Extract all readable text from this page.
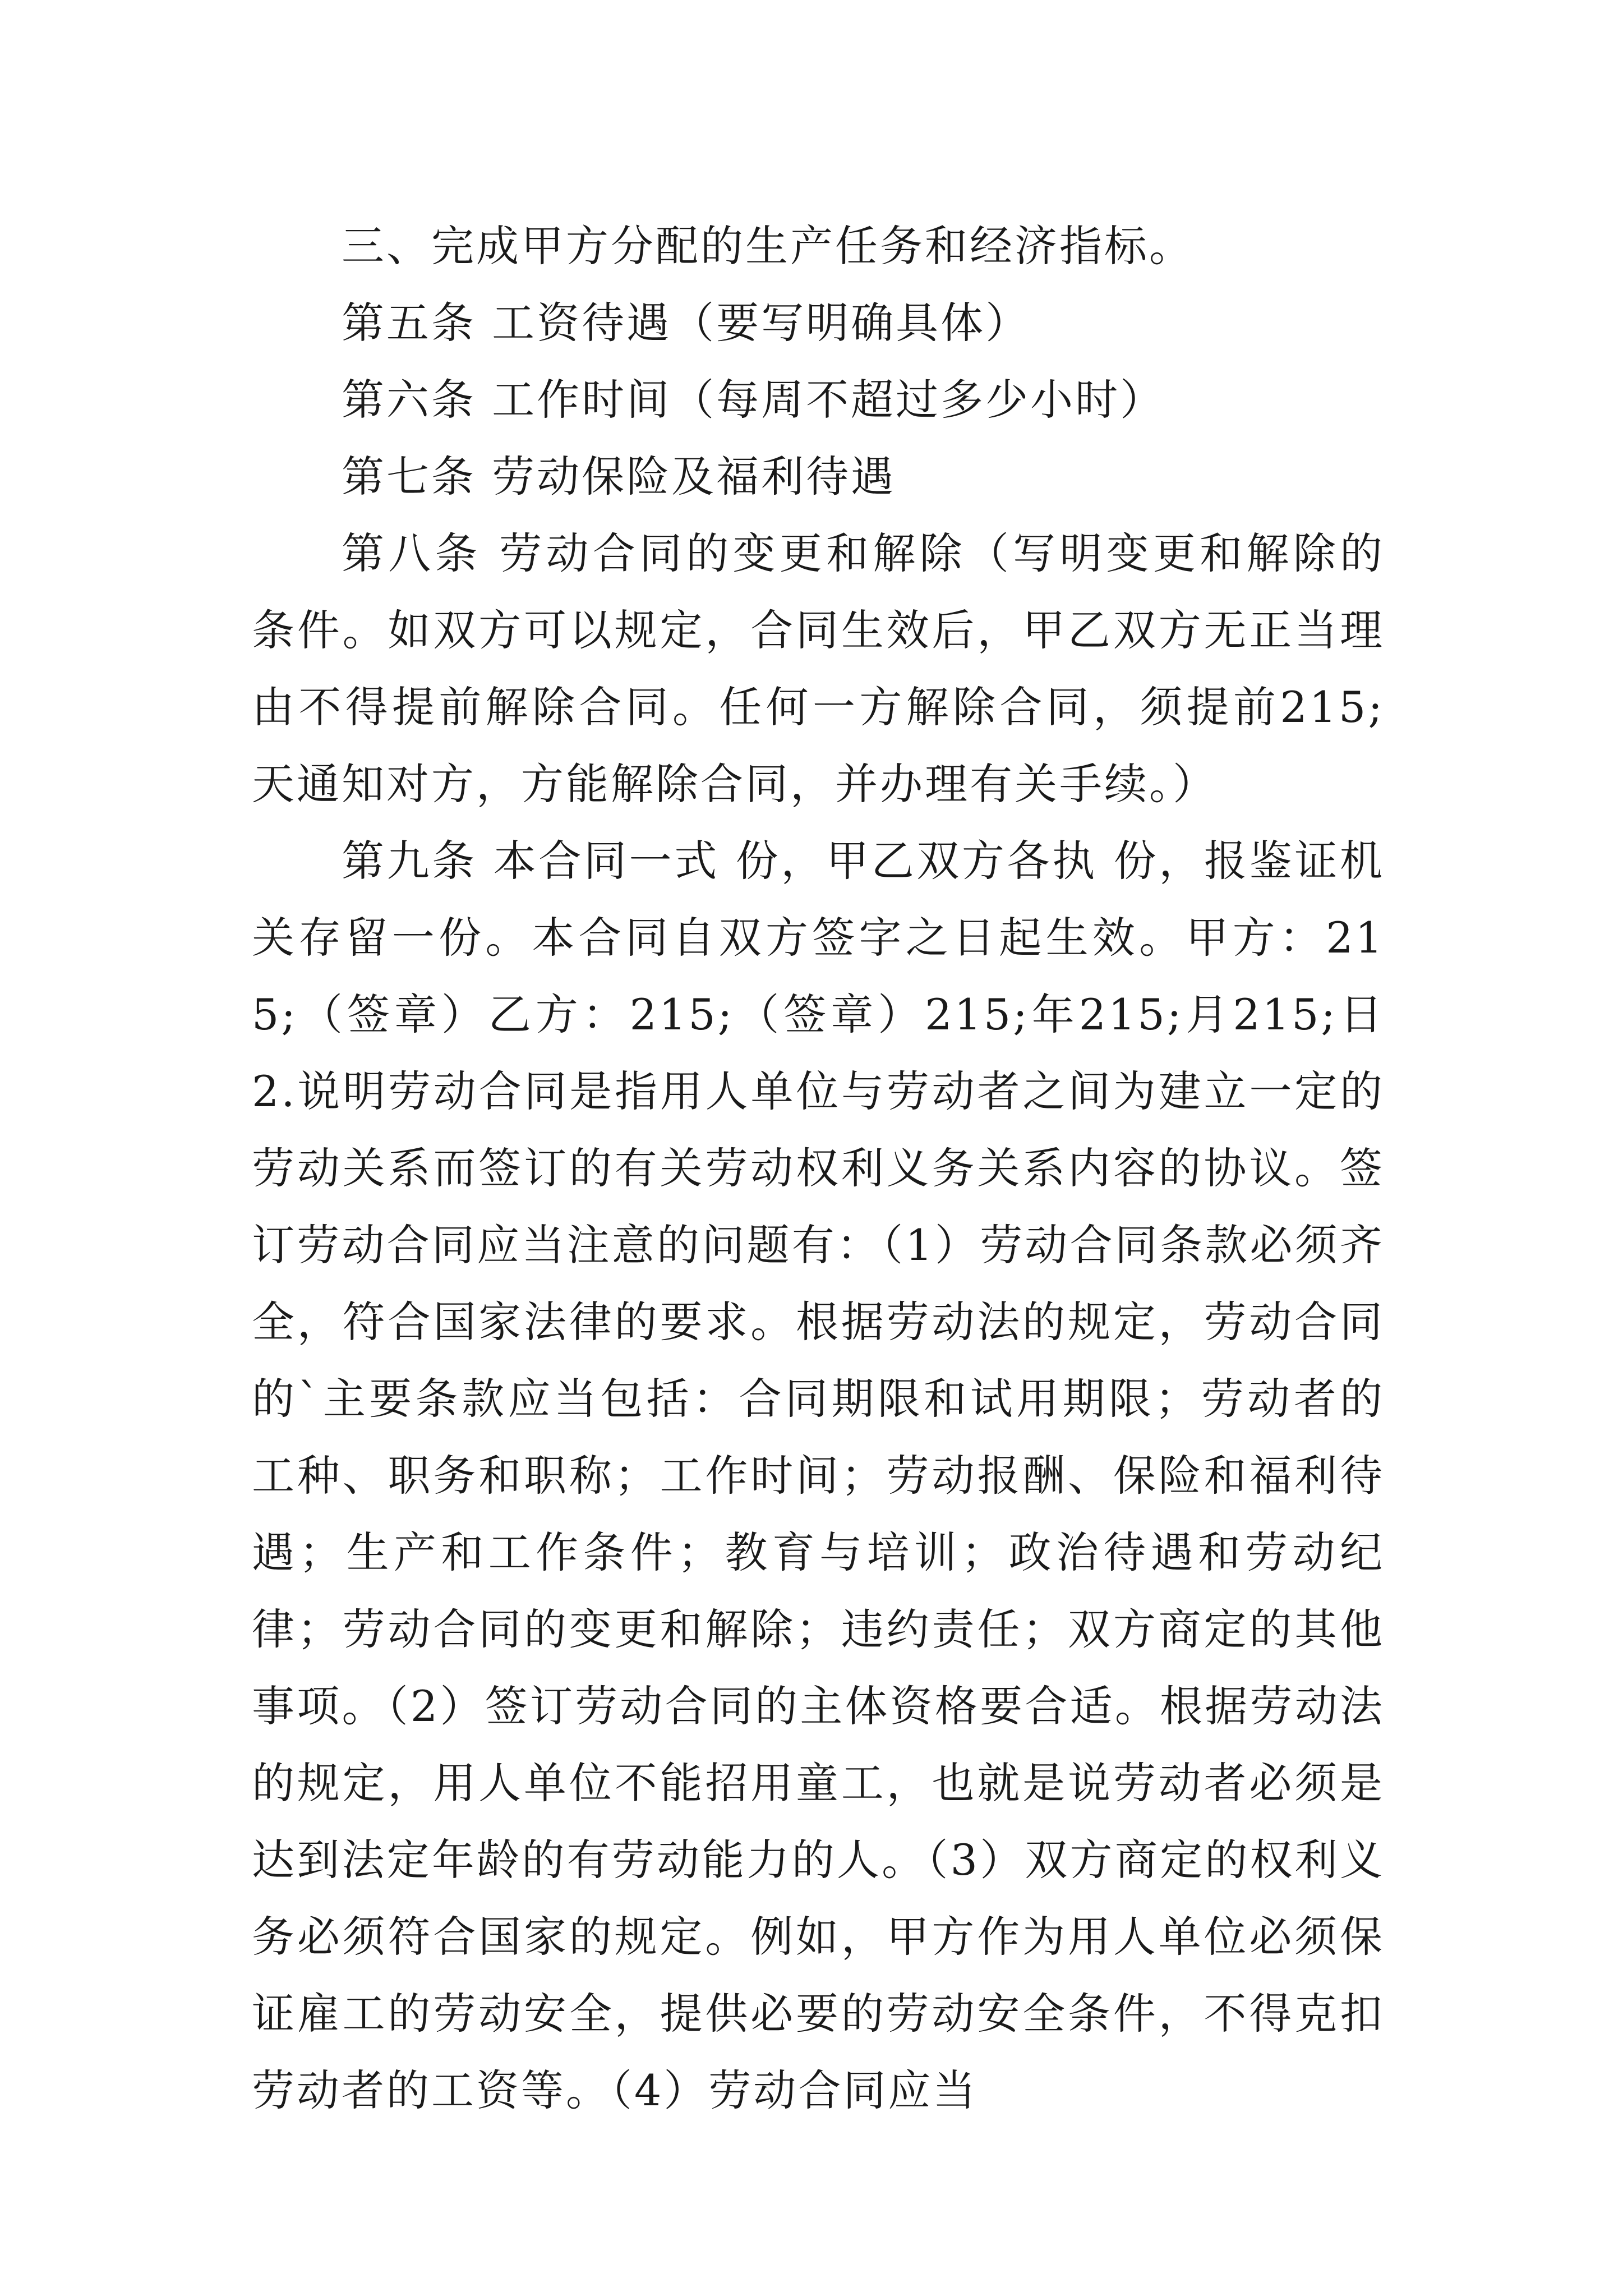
三、完成甲方分配的生产任务和经济指标。

第五条 工资待遇（要写明确具体）

第六条 工作时间（每周不超过多少小时）

第七条 劳动保险及福利待遇

第八条 劳动合同的变更和解除（写明变更和解除的条件。如双方可以规定，合同生效后，甲乙双方无正当理由不得提前解除合同。任何一方解除合同，须提前215;天通知对方，方能解除合同，并办理有关手续。）

第九条 本合同一式 份，甲乙双方各执 份，报鉴证机关存留一份。本合同自双方签字之日起生效。甲方：215;（签章）乙方：215;（签章）215;年215;月215;日2.说明劳动合同是指用人单位与劳动者之间为建立一定的劳动关系而签订的有关劳动权利义务关系内容的协议。签订劳动合同应当注意的问题有：（1）劳动合同条款必须齐全，符合国家法律的要求。根据劳动法的规定，劳动合同的`主要条款应当包括：合同期限和试用期限；劳动者的工种、职务和职称；工作时间；劳动报酬、保险和福利待遇；生产和工作条件；教育与培训；政治待遇和劳动纪律；劳动合同的变更和解除；违约责任；双方商定的其他事项。（2）签订劳动合同的主体资格要合适。根据劳动法的规定，用人单位不能招用童工，也就是说劳动者必须是达到法定年龄的有劳动能力的人。（3）双方商定的权利义务必须符合国家的规定。例如，甲方作为用人单位必须保证雇工的劳动安全，提供必要的劳动安全条件，不得克扣劳动者的工资等。（4）劳动合同应当
